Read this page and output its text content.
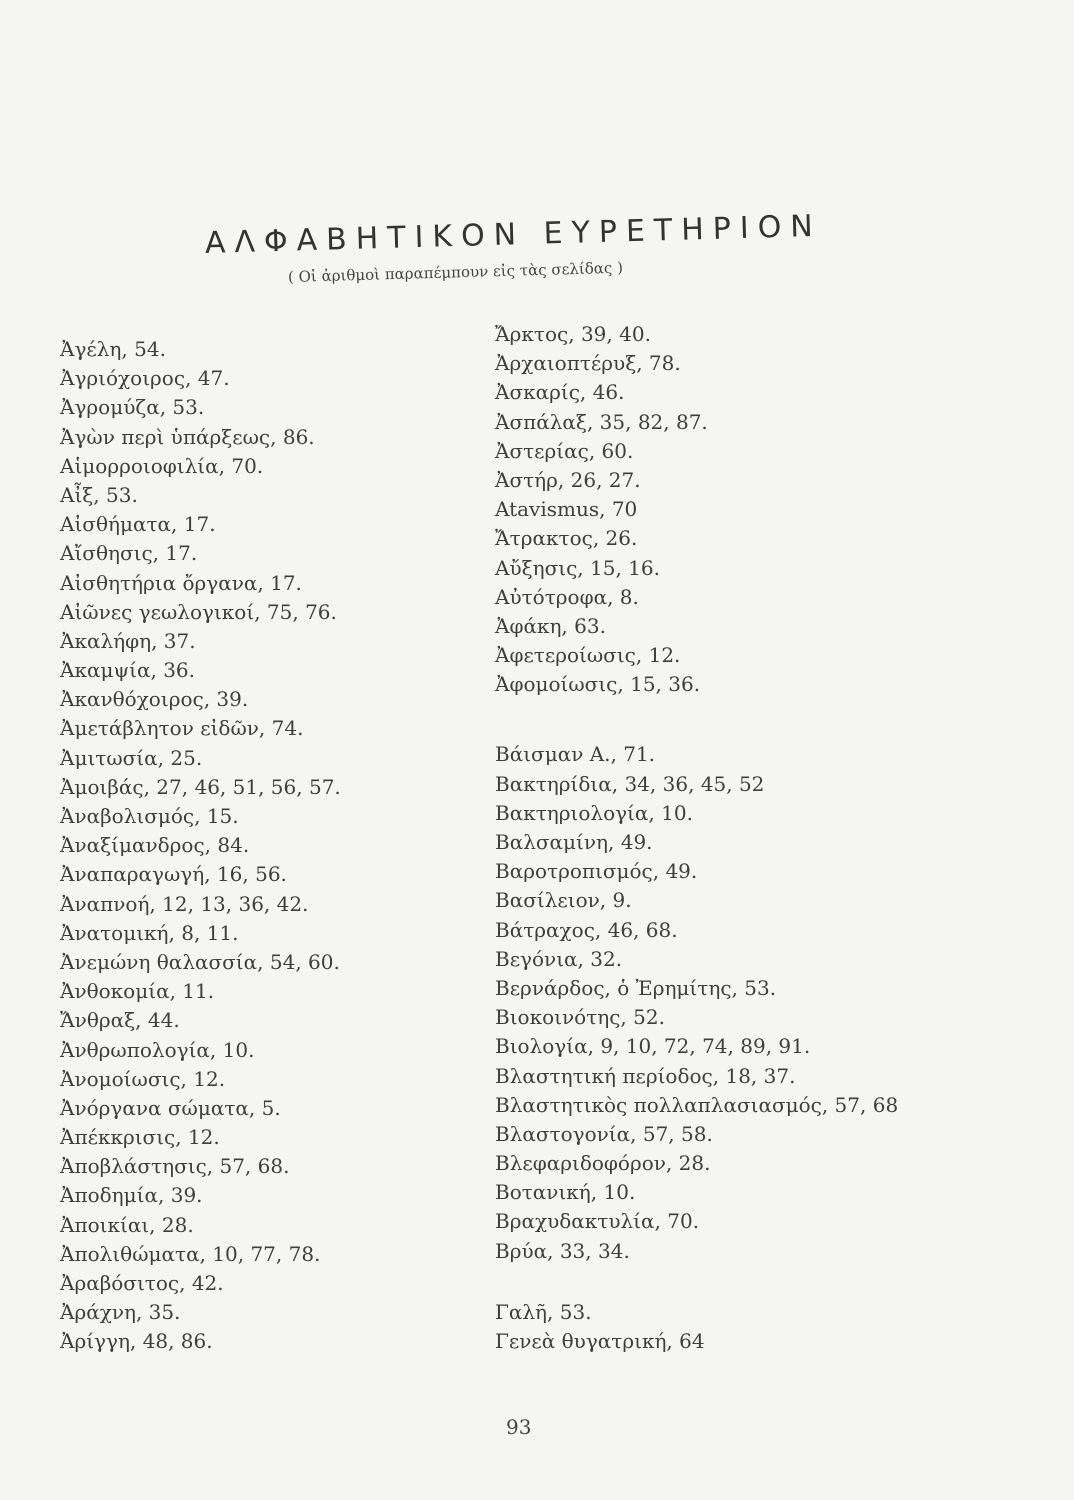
ΑΛΦΑΒΗΤΙΚΟΝ ΕΥΡΕΤΗΡΙΟΝ
( Οἱ ἀριθμοὶ παραπέμπουν εἰς τὰς σελίδας )
Ἀγέλη, 54.
Ἀγριόχοιρος, 47.
Ἀγρομύζα, 53.
Ἀγὼν περὶ ὑπάρξεως, 86.
Αἱμορροιοφιλία, 70.
Αἶξ, 53.
Αἰσθήματα, 17.
Αἴσθησις, 17.
Αἰσθητήρια ὄργανα, 17.
Αἰῶνες γεωλογικοί, 75, 76.
Ἀκαλήφη, 37.
Ἀκαμψία, 36.
Ἀκανθόχοιρος, 39.
Ἀμετάβλητον εἰδῶν, 74.
Ἀμιτωσία, 25.
Ἀμοιβάς, 27, 46, 51, 56, 57.
Ἀναβολισμός, 15.
Ἀναξίμανδρος, 84.
Ἀναπαραγωγή, 16, 56.
Ἀναπνοή, 12, 13, 36, 42.
Ἀνατομική, 8, 11.
Ἀνεμώνη θαλασσία, 54, 60.
Ἀνθοκομία, 11.
Ἄνθραξ, 44.
Ἀνθρωπολογία, 10.
Ἀνομοίωσις, 12.
Ἀνόργανα σώματα, 5.
Ἀπέκκρισις, 12.
Ἀποβλάστησις, 57, 68.
Ἀποδημία, 39.
Ἀποικίαι, 28.
Ἀπολιθώματα, 10, 77, 78.
Ἀραβόσιτος, 42.
Ἀράχνη, 35.
Ἀρίγγη, 48, 86.
Ἄρκτος, 39, 40.
Ἀρχαιοπτέρυξ, 78.
Ἀσκαρίς, 46.
Ἀσπάλαξ, 35, 82, 87.
Ἀστερίας, 60.
Ἀστήρ, 26, 27.
Atavismus, 70
Ἄτρακτος, 26.
Αὔξησις, 15, 16.
Αὐτότροφα, 8.
Ἀφάκη, 63.
Ἀφετεροίωσις, 12.
Ἀφομοίωσις, 15, 36.
Βάισμαν Α., 71.
Βακτηρίδια, 34, 36, 45, 52
Βακτηριολογία, 10.
Βαλσαμίνη, 49.
Βαροτροπισμός, 49.
Βασίλειον, 9.
Βάτραχος, 46, 68.
Βεγόνια, 32.
Βερνάρδος, ὁ Ἐρημίτης, 53.
Βιοκοινότης, 52.
Βιολογία, 9, 10, 72, 74, 89, 91.
Βλαστητική περίοδος, 18, 37.
Βλαστητικὸς πολλαπλασιασμός, 57, 68
Βλαστογονία, 57, 58.
Βλεφαριδοφόρον, 28.
Βοτανική, 10.
Βραχυδακτυλία, 70.
Βρύα, 33, 34.
Γαλῆ, 53.
Γενεὰ θυγατρική, 64
93
